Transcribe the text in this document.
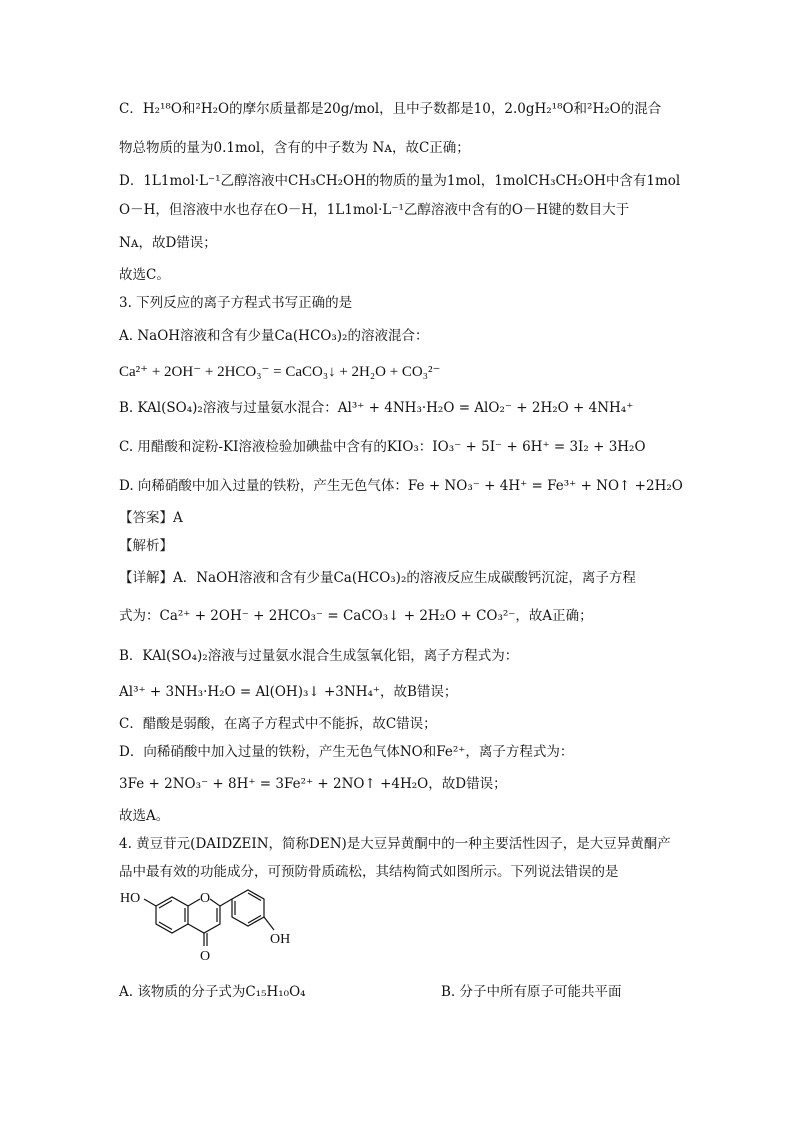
C．H₂¹⁸O和²H₂O的摩尔质量都是20g/mol，且中子数都是10，2.0gH₂¹⁸O和²H₂O的混合
物总物质的量为0.1mol，含有的中子数为 Nᴀ，故C正确；
D．1L1mol·L⁻¹乙醇溶液中CH₃CH₂OH的物质的量为1mol，1molCH₃CH₂OH中含有1mol
O－H，但溶液中水也存在O－H，1L1mol·L⁻¹乙醇溶液中含有的O－H键的数目大于
Nᴀ，故D错误；
故选C。
3. 下列反应的离子方程式书写正确的是
A. NaOH溶液和含有少量Ca(HCO₃)₂的溶液混合：
Ca²⁺ + 2OH⁻ + 2HCO₃⁻ = CaCO₃↓ + 2H₂O + CO₃²⁻
B. KAl(SO₄)₂溶液与过量氨水混合：Al³⁺ + 4NH₃·H₂O = AlO₂⁻ + 2H₂O + 4NH₄⁺
C. 用醋酸和淀粉-KI溶液检验加碘盐中含有的KIO₃：IO₃⁻ + 5I⁻ + 6H⁺ = 3I₂ + 3H₂O
D. 向稀硝酸中加入过量的铁粉，产生无色气体：Fe + NO₃⁻ + 4H⁺ = Fe³⁺ + NO↑ +2H₂O
【答案】A
【解析】
【详解】A．NaOH溶液和含有少量Ca(HCO₃)₂的溶液反应生成碳酸钙沉淀，离子方程
式为：Ca²⁺ + 2OH⁻ + 2HCO₃⁻ = CaCO₃↓ + 2H₂O + CO₃²⁻，故A正确；
B．KAl(SO₄)₂溶液与过量氨水混合生成氢氧化铝，离子方程式为：
Al³⁺ + 3NH₃·H₂O = Al(OH)₃↓ +3NH₄⁺，故B错误；
C．醋酸是弱酸，在离子方程式中不能拆，故C错误；
D．向稀硝酸中加入过量的铁粉，产生无色气体NO和Fe²⁺，离子方程式为：
3Fe + 2NO₃⁻ + 8H⁺ = 3Fe²⁺ + 2NO↑ +4H₂O，故D错误；
故选A。
4. 黄豆苷元(DAIDZEIN，简称DEN)是大豆异黄酮中的一种主要活性因子，是大豆异黄酮产
品中最有效的功能成分，可预防骨质疏松，其结构简式如图所示。下列说法错误的是
HO	O
O
OH
A. 该物质的分子式为C₁₅H₁₀O₄	B. 分子中所有原子可能共平面
